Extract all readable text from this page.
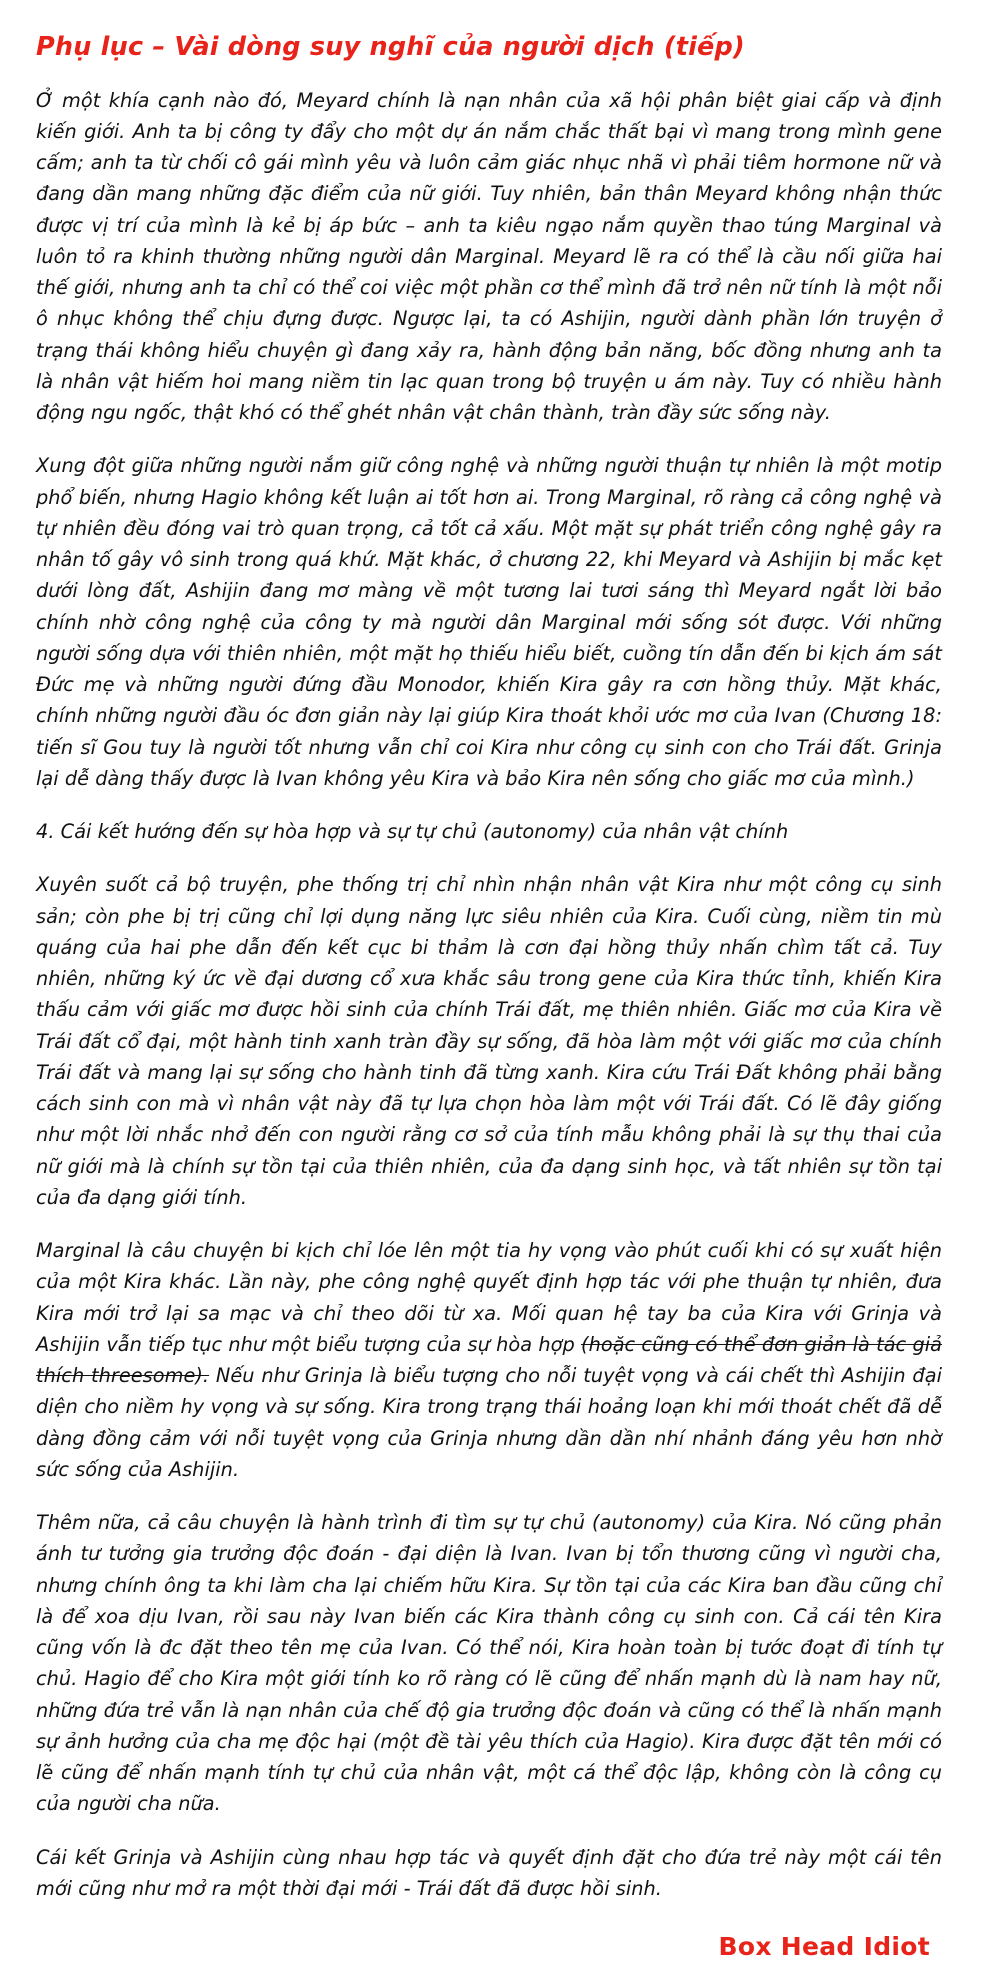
Phụ lục – Vài dòng suy nghĩ của người dịch (tiếp)

Ở một khía cạnh nào đó, Meyard chính là nạn nhân của xã hội phân biệt giai cấp và định kiến giới. Anh ta bị công ty đẩy cho một dự án nắm chắc thất bại vì mang trong mình gene cấm; anh ta từ chối cô gái mình yêu và luôn cảm giác nhục nhã vì phải tiêm hormone nữ và đang dần mang những đặc điểm của nữ giới. Tuy nhiên, bản thân Meyard không nhận thức được vị trí của mình là kẻ bị áp bức – anh ta kiêu ngạo nắm quyền thao túng Marginal và luôn tỏ ra khinh thường những người dân Marginal. Meyard lẽ ra có thể là cầu nối giữa hai thế giới, nhưng anh ta chỉ có thể coi việc một phần cơ thể mình đã trở nên nữ tính là một nỗi ô nhục không thể chịu đựng được. Ngược lại, ta có Ashijin, người dành phần lớn truyện ở trạng thái không hiểu chuyện gì đang xảy ra, hành động bản năng, bốc đồng nhưng anh ta là nhân vật hiếm hoi mang niềm tin lạc quan trong bộ truyện u ám này. Tuy có nhiều hành động ngu ngốc, thật khó có thể ghét nhân vật chân thành, tràn đầy sức sống này.

Xung đột giữa những người nắm giữ công nghệ và những người thuận tự nhiên là một motip phổ biến, nhưng Hagio không kết luận ai tốt hơn ai. Trong Marginal, rõ ràng cả công nghệ và tự nhiên đều đóng vai trò quan trọng, cả tốt cả xấu. Một mặt sự phát triển công nghệ gây ra nhân tố gây vô sinh trong quá khứ. Mặt khác, ở chương 22, khi Meyard và Ashijin bị mắc kẹt dưới lòng đất, Ashijin đang mơ màng về một tương lai tươi sáng thì Meyard ngắt lời bảo chính nhờ công nghệ của công ty mà người dân Marginal mới sống sót được. Với những người sống dựa với thiên nhiên, một mặt họ thiếu hiểu biết, cuồng tín dẫn đến bi kịch ám sát Đức mẹ và những người đứng đầu Monodor, khiến Kira gây ra cơn hồng thủy. Mặt khác, chính những người đầu óc đơn giản này lại giúp Kira thoát khỏi ước mơ của Ivan (Chương 18: tiến sĩ Gou tuy là người tốt nhưng vẫn chỉ coi Kira như công cụ sinh con cho Trái đất. Grinja lại dễ dàng thấy được là Ivan không yêu Kira và bảo Kira nên sống cho giấc mơ của mình.)

4. Cái kết hướng đến sự hòa hợp và sự tự chủ (autonomy) của nhân vật chính

Xuyên suốt cả bộ truyện, phe thống trị chỉ nhìn nhận nhân vật Kira như một công cụ sinh sản; còn phe bị trị cũng chỉ lợi dụng năng lực siêu nhiên của Kira. Cuối cùng, niềm tin mù quáng của hai phe dẫn đến kết cục bi thảm là cơn đại hồng thủy nhấn chìm tất cả. Tuy nhiên, những ký ức về đại dương cổ xưa khắc sâu trong gene của Kira thức tỉnh, khiến Kira thấu cảm với giấc mơ được hồi sinh của chính Trái đất, mẹ thiên nhiên. Giấc mơ của Kira về Trái đất cổ đại, một hành tinh xanh tràn đầy sự sống, đã hòa làm một với giấc mơ của chính Trái đất và mang lại sự sống cho hành tinh đã từng xanh. Kira cứu Trái Đất không phải bằng cách sinh con mà vì nhân vật này đã tự lựa chọn hòa làm một với Trái đất. Có lẽ đây giống như một lời nhắc nhở đến con người rằng cơ sở của tính mẫu không phải là sự thụ thai của nữ giới mà là chính sự tồn tại của thiên nhiên, của đa dạng sinh học, và tất nhiên sự tồn tại của đa dạng giới tính.

Marginal là câu chuyện bi kịch chỉ lóe lên một tia hy vọng vào phút cuối khi có sự xuất hiện của một Kira khác. Lần này, phe công nghệ quyết định hợp tác với phe thuận tự nhiên, đưa Kira mới trở lại sa mạc và chỉ theo dõi từ xa. Mối quan hệ tay ba của Kira với Grinja và Ashijin vẫn tiếp tục như một biểu tượng của sự hòa hợp (hoặc cũng có thể đơn giản là tác giả thích threesome). Nếu như Grinja là biểu tượng cho nỗi tuyệt vọng và cái chết thì Ashijin đại diện cho niềm hy vọng và sự sống. Kira trong trạng thái hoảng loạn khi mới thoát chết đã dễ dàng đồng cảm với nỗi tuyệt vọng của Grinja nhưng dần dần nhí nhảnh đáng yêu hơn nhờ sức sống của Ashijin.

Thêm nữa, cả câu chuyện là hành trình đi tìm sự tự chủ (autonomy) của Kira. Nó cũng phản ánh tư tưởng gia trưởng độc đoán - đại diện là Ivan. Ivan bị tổn thương cũng vì người cha, nhưng chính ông ta khi làm cha lại chiếm hữu Kira. Sự tồn tại của các Kira ban đầu cũng chỉ là để xoa dịu Ivan, rồi sau này Ivan biến các Kira thành công cụ sinh con. Cả cái tên Kira cũng vốn là đc đặt theo tên mẹ của Ivan. Có thể nói, Kira hoàn toàn bị tước đoạt đi tính tự chủ. Hagio để cho Kira một giới tính ko rõ ràng có lẽ cũng để nhấn mạnh dù là nam hay nữ, những đứa trẻ vẫn là nạn nhân của chế độ gia trưởng độc đoán và cũng có thể là nhấn mạnh sự ảnh hưởng của cha mẹ độc hại (một đề tài yêu thích của Hagio). Kira được đặt tên mới có lẽ cũng để nhấn mạnh tính tự chủ của nhân vật, một cá thể độc lập, không còn là công cụ của người cha nữa.

Cái kết Grinja và Ashijin cùng nhau hợp tác và quyết định đặt cho đứa trẻ này một cái tên mới cũng như mở ra một thời đại mới - Trái đất đã được hồi sinh.

Box Head Idiot
